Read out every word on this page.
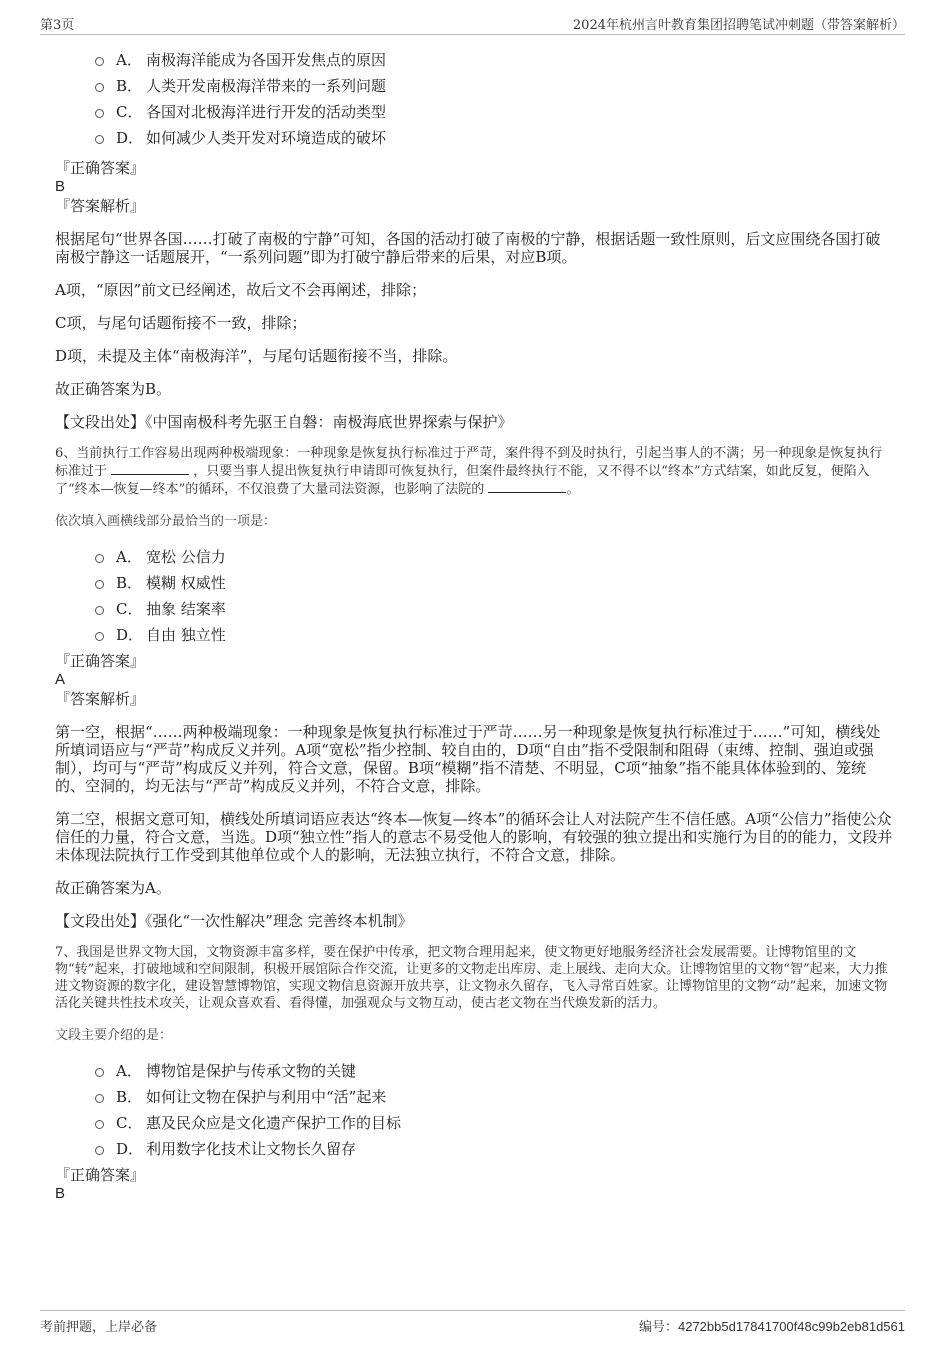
第3页	2024年杭州言叶教育集团招聘笔试冲刺题（带答案解析）
A． 南极海洋能成为各国开发焦点的原因
B． 人类开发南极海洋带来的一系列问题
C． 各国对北极海洋进行开发的活动类型
D． 如何减少人类开发对环境造成的破坏
『正确答案』
B
『答案解析』

根据尾句“世界各国……打破了南极的宁静”可知，各国的活动打破了南极的宁静，根据话题一致性原则，后文应围绕各国打破南极宁静这一话题展开，“一系列问题”即为打破宁静后带来的后果，对应B项。

A项，“原因”前文已经阐述，故后文不会再阐述，排除；

C项，与尾句话题衔接不一致，排除；

D项，未提及主体“南极海洋”，与尾句话题衔接不当，排除。

故正确答案为B。

【文段出处】《中国南极科考先驱王自磐：南极海底世界探索与保护》

6、当前执行工作容易出现两种极端现象：一种现象是恢复执行标准过于严苛，案件得不到及时执行，引起当事人的不满；另一种现象是恢复执行标准过于	，只要当事人提出恢复执行申请即可恢复执行，但案件最终执行不能，又不得不以“终本”方式结案，如此反复，便陷入了“终本—恢复—终本”的循环，不仅浪费了大量司法资源，也影响了法院的	。

依次填入画横线部分最恰当的一项是：

A． 宽松 公信力
B． 模糊 权威性
C． 抽象 结案率
D． 自由 独立性
『正确答案』
A
『答案解析』

第一空，根据“……两种极端现象：一种现象是恢复执行标准过于严苛……另一种现象是恢复执行标准过于……”可知，横线处所填词语应与“严苛”构成反义并列。A项“宽松”指少控制、较自由的，D项“自由”指不受限制和阻碍（束缚、控制、强迫或强制），均可与“严苛”构成反义并列，符合文意，保留。B项“模糊”指不清楚、不明显，C项“抽象”指不能具体体验到的、笼统的、空洞的，均无法与“严苛”构成反义并列，不符合文意，排除。

第二空，根据文意可知，横线处所填词语应表达“终本—恢复—终本”的循环会让人对法院产生不信任感。A项“公信力”指使公众信任的力量，符合文意，当选。D项“独立性”指人的意志不易受他人的影响，有较强的独立提出和实施行为目的的能力，文段并未体现法院执行工作受到其他单位或个人的影响，无法独立执行，不符合文意，排除。

故正确答案为A。

【文段出处】《强化“一次性解决”理念 完善终本机制》

7、我国是世界文物大国，文物资源丰富多样，要在保护中传承，把文物合理用起来，使文物更好地服务经济社会发展需要。让博物馆里的文物“转”起来，打破地域和空间限制，积极开展馆际合作交流，让更多的文物走出库房、走上展线、走向大众。让博物馆里的文物“智”起来，大力推进文物资源的数字化，建设智慧博物馆，实现文物信息资源开放共享，让文物永久留存，飞入寻常百姓家。让博物馆里的文物“动”起来，加速文物活化关键共性技术攻关，让观众喜欢看、看得懂，加强观众与文物互动，使古老文物在当代焕发新的活力。

文段主要介绍的是：

A． 博物馆是保护与传承文物的关键
B． 如何让文物在保护与利用中“活”起来
C． 惠及民众应是文化遗产保护工作的目标
D． 利用数字化技术让文物长久留存
『正确答案』
B
考前押题，上岸必备	编号：4272bb5d17841700f48c99b2eb81d561
